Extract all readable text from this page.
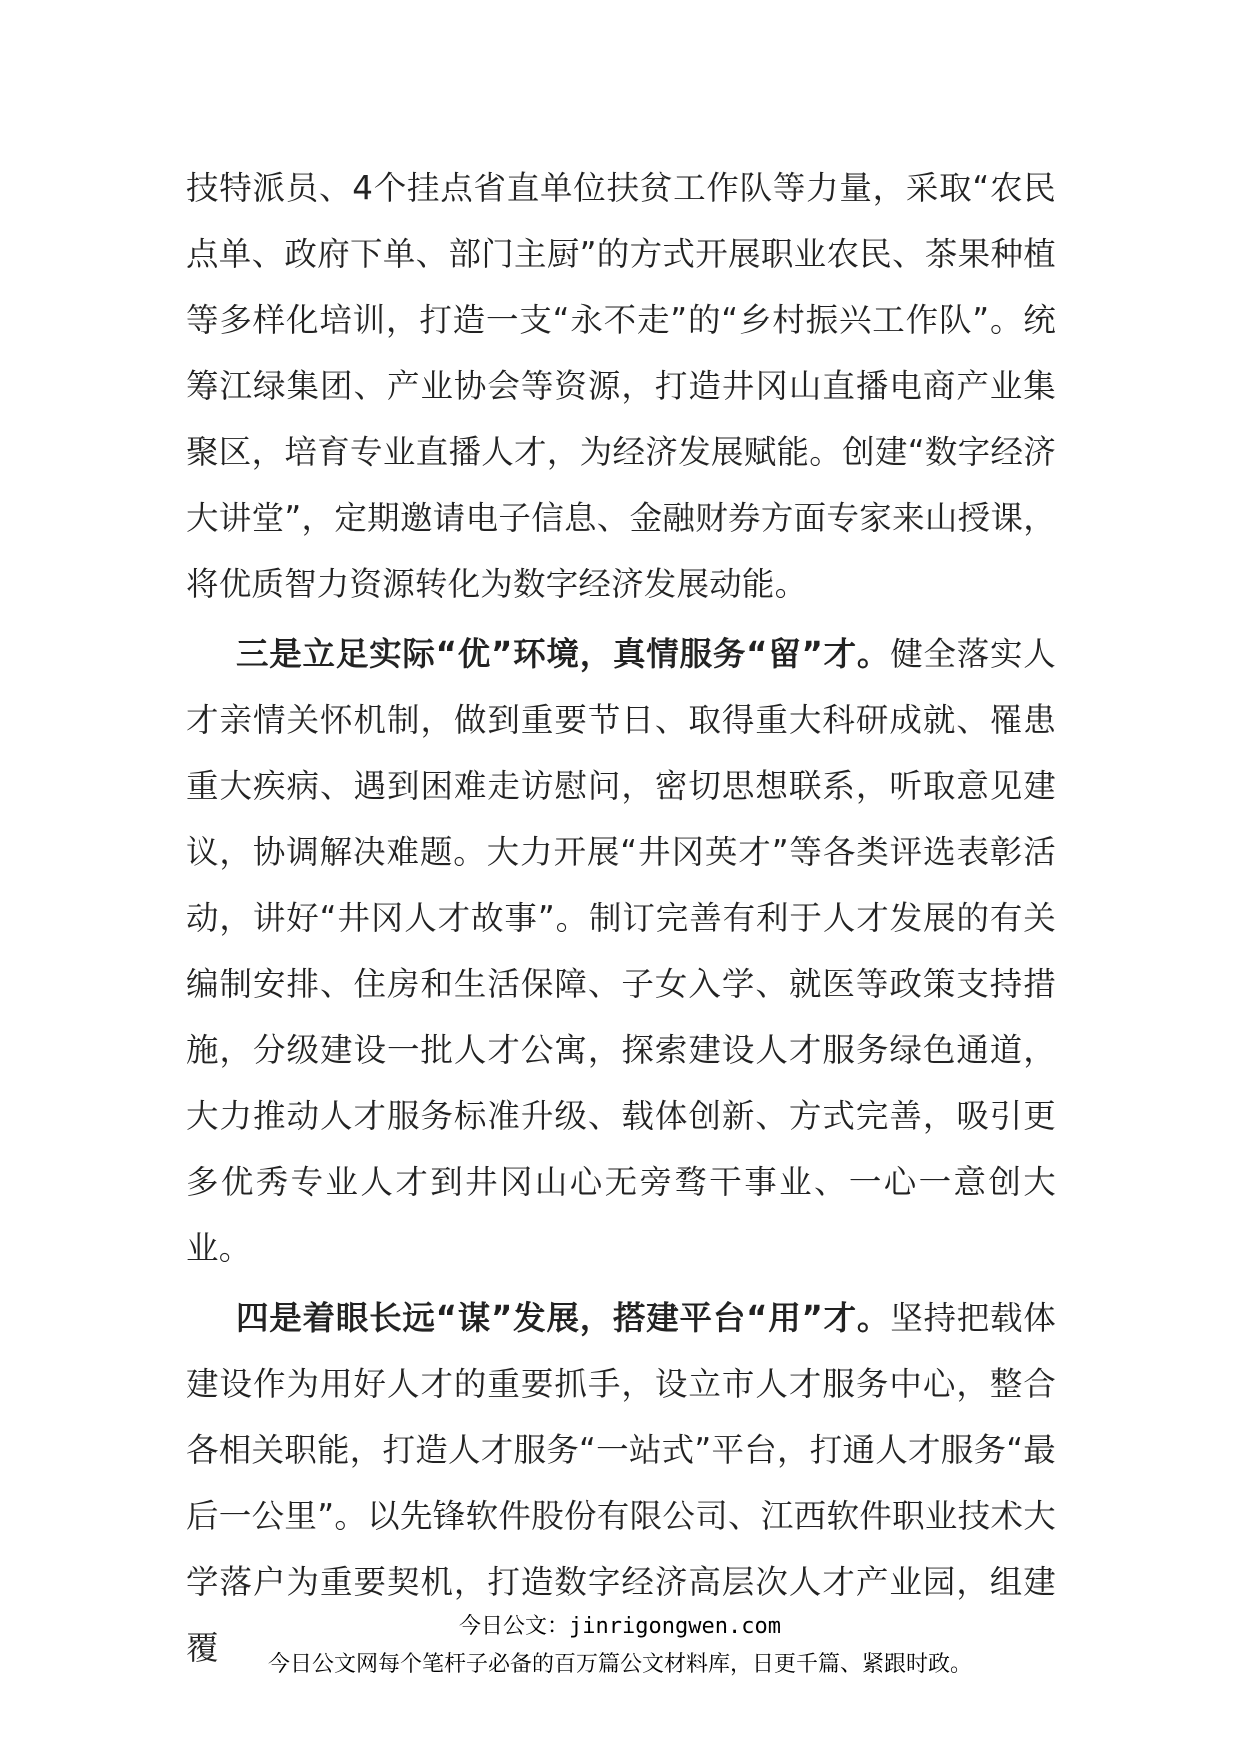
技特派员、4个挂点省直单位扶贫工作队等力量，采取“农民点单、政府下单、部门主厨”的方式开展职业农民、茶果种植等多样化培训，打造一支“永不走”的“乡村振兴工作队”。统筹江绿集团、产业协会等资源，打造井冈山直播电商产业集聚区，培育专业直播人才，为经济发展赋能。创建“数字经济大讲堂”，定期邀请电子信息、金融财券方面专家来山授课，将优质智力资源转化为数字经济发展动能。

三是立足实际“优”环境，真情服务“留”才。健全落实人才亲情关怀机制，做到重要节日、取得重大科研成就、罹患重大疾病、遇到困难走访慰问，密切思想联系，听取意见建议，协调解决难题。大力开展“井冈英才”等各类评选表彰活动，讲好“井冈人才故事”。制订完善有利于人才发展的有关编制安排、住房和生活保障、子女入学、就医等政策支持措施，分级建设一批人才公寓，探索建设人才服务绿色通道，大力推动人才服务标准升级、载体创新、方式完善，吸引更多优秀专业人才到井冈山心无旁骛干事业、一心一意创大业。

四是着眼长远“谋”发展，搭建平台“用”才。坚持把载体建设作为用好人才的重要抓手，设立市人才服务中心，整合各相关职能，打造人才服务“一站式”平台，打通人才服务“最后一公里”。以先锋软件股份有限公司、江西软件职业技术大学落户为重要契机，打造数字经济高层次人才产业园，组建覆

今日公文：jinrigongwen.com
今日公文网每个笔杆子必备的百万篇公文材料库，日更千篇、紧跟时政。
